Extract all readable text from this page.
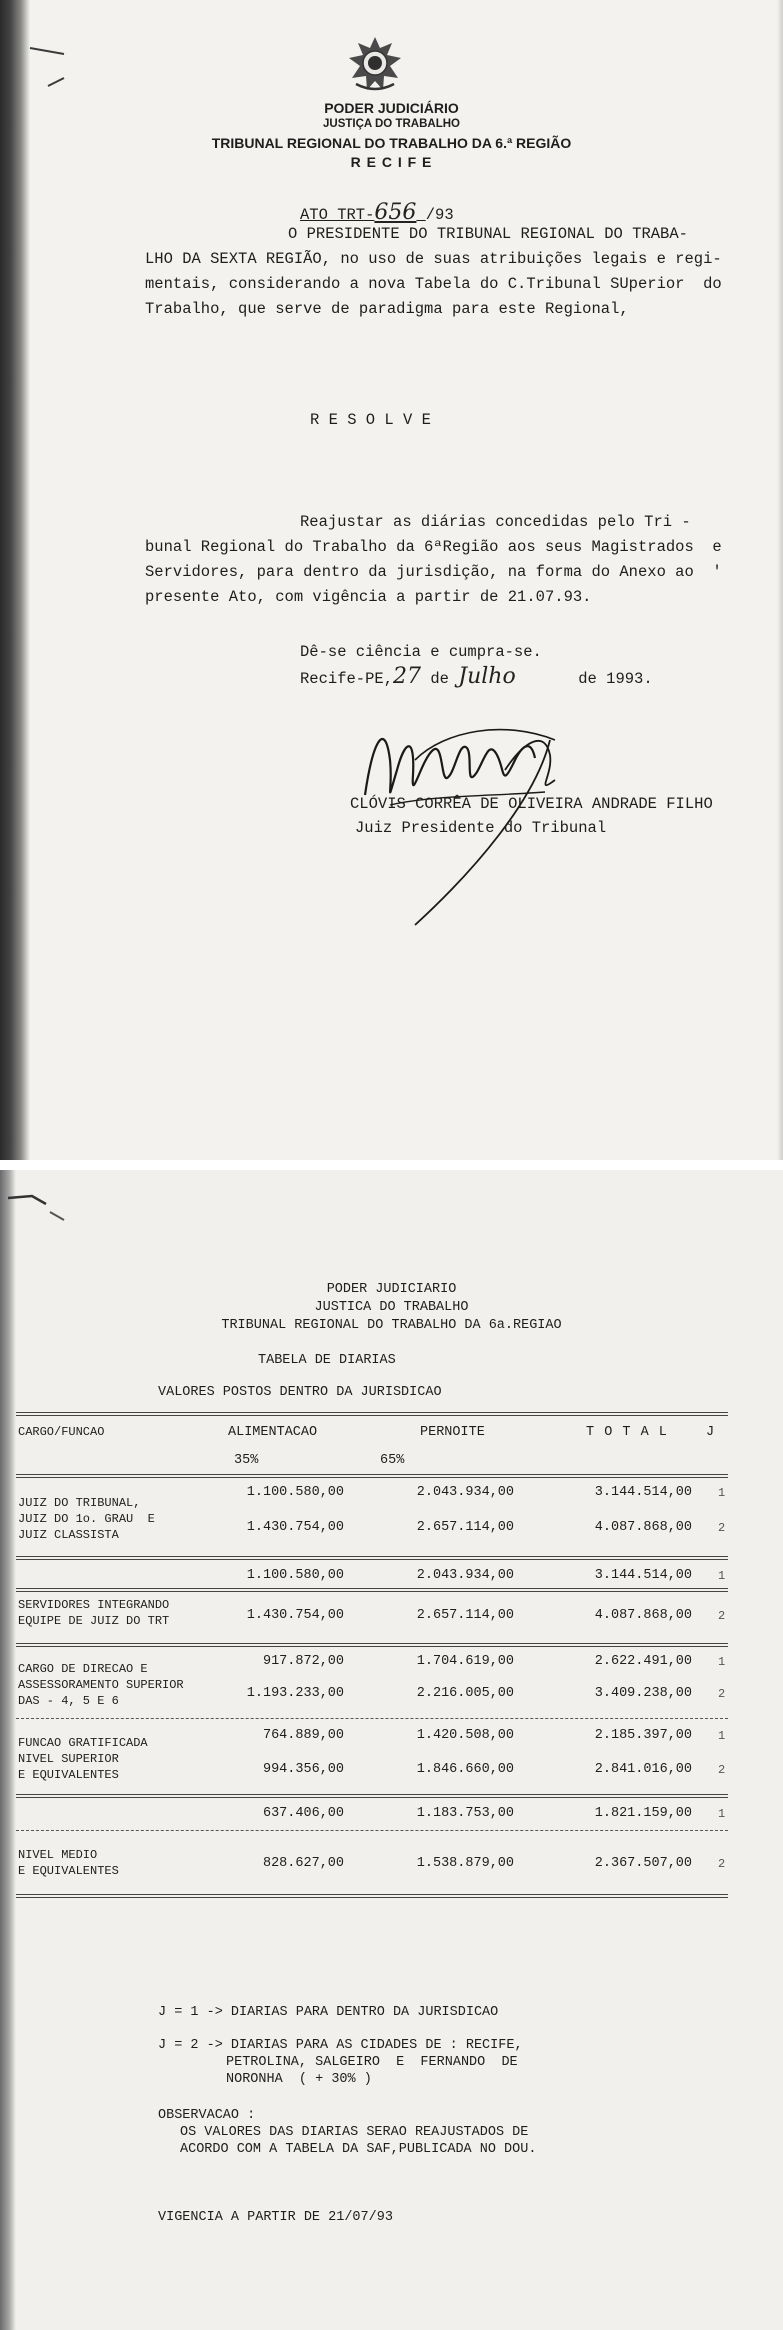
PODER JUDICIÁRIO
JUSTIÇA DO TRABALHO
TRIBUNAL REGIONAL DO TRABALHO DA 6.ª REGIÃO
R E C I F E
ATO TRT-656 /93
O PRESIDENTE DO TRIBUNAL REGIONAL DO TRABA-
LHO DA SEXTA REGIÃO, no uso de suas atribuições legais e regi-
mentais, considerando a nova Tabela do C.Tribunal SUperior  do
Trabalho, que serve de paradigma para este Regional,
R E S O L V E
Reajustar as diárias concedidas pelo Tri -
bunal Regional do Trabalho da 6ªRegião aos seus Magistrados  e
Servidores, para dentro da jurisdição, na forma do Anexo ao  '
presente Ato, com vigência a partir de 21.07.93.
Dê-se ciência e cumpra-se.
Recife-PE,27 de Julho	de 1993.
CLÓVIS CORRÊA DE OLIVEIRA ANDRADE FILHO
Juiz Presidente do Tribunal
PODER JUDICIARIO
JUSTICA DO TRABALHO
TRIBUNAL REGIONAL DO TRABALHO DA 6a.REGIAO
TABELA DE DIARIAS
VALORES POSTOS DENTRO DA JURISDICAO
CARGO/FUNCAO	ALIMENTACAO	PERNOITE	T O T A L	J
35%	65%
JUIZ DO TRIBUNAL,
JUIZ DO 1o. GRAU  E
JUIZ CLASSISTA
1.100.580,00	2.043.934,00	3.144.514,00 1
1.430.754,00	2.657.114,00	4.087.868,00 2
1.100.580,00	2.043.934,00	3.144.514,00 1
SERVIDORES INTEGRANDO
EQUIPE DE JUIZ DO TRT	1.430.754,00	2.657.114,00	4.087.868,00 2
CARGO DE DIRECAO E
ASSESSORAMENTO SUPERIOR
DAS - 4, 5 E 6
917.872,00	1.704.619,00	2.622.491,00 1
1.193.233,00	2.216.005,00	3.409.238,00 2
FUNCAO GRATIFICADA
NIVEL SUPERIOR
E EQUIVALENTES
764.889,00	1.420.508,00	2.185.397,00 1
994.356,00	1.846.660,00	2.841.016,00 2
637.406,00	1.183.753,00	1.821.159,00 1
NIVEL MEDIO
E EQUIVALENTES	828.627,00	1.538.879,00	2.367.507,00 2
J = 1 -> DIARIAS PARA DENTRO DA JURISDICAO
J = 2 -> DIARIAS PARA AS CIDADES DE : RECIFE,
PETROLINA, SALGEIRO  E  FERNANDO  DE
NORONHA  ( + 30% )
OBSERVACAO :
OS VALORES DAS DIARIAS SERAO REAJUSTADOS DE
ACORDO COM A TABELA DA SAF,PUBLICADA NO DOU.
VIGENCIA A PARTIR DE 21/07/93
